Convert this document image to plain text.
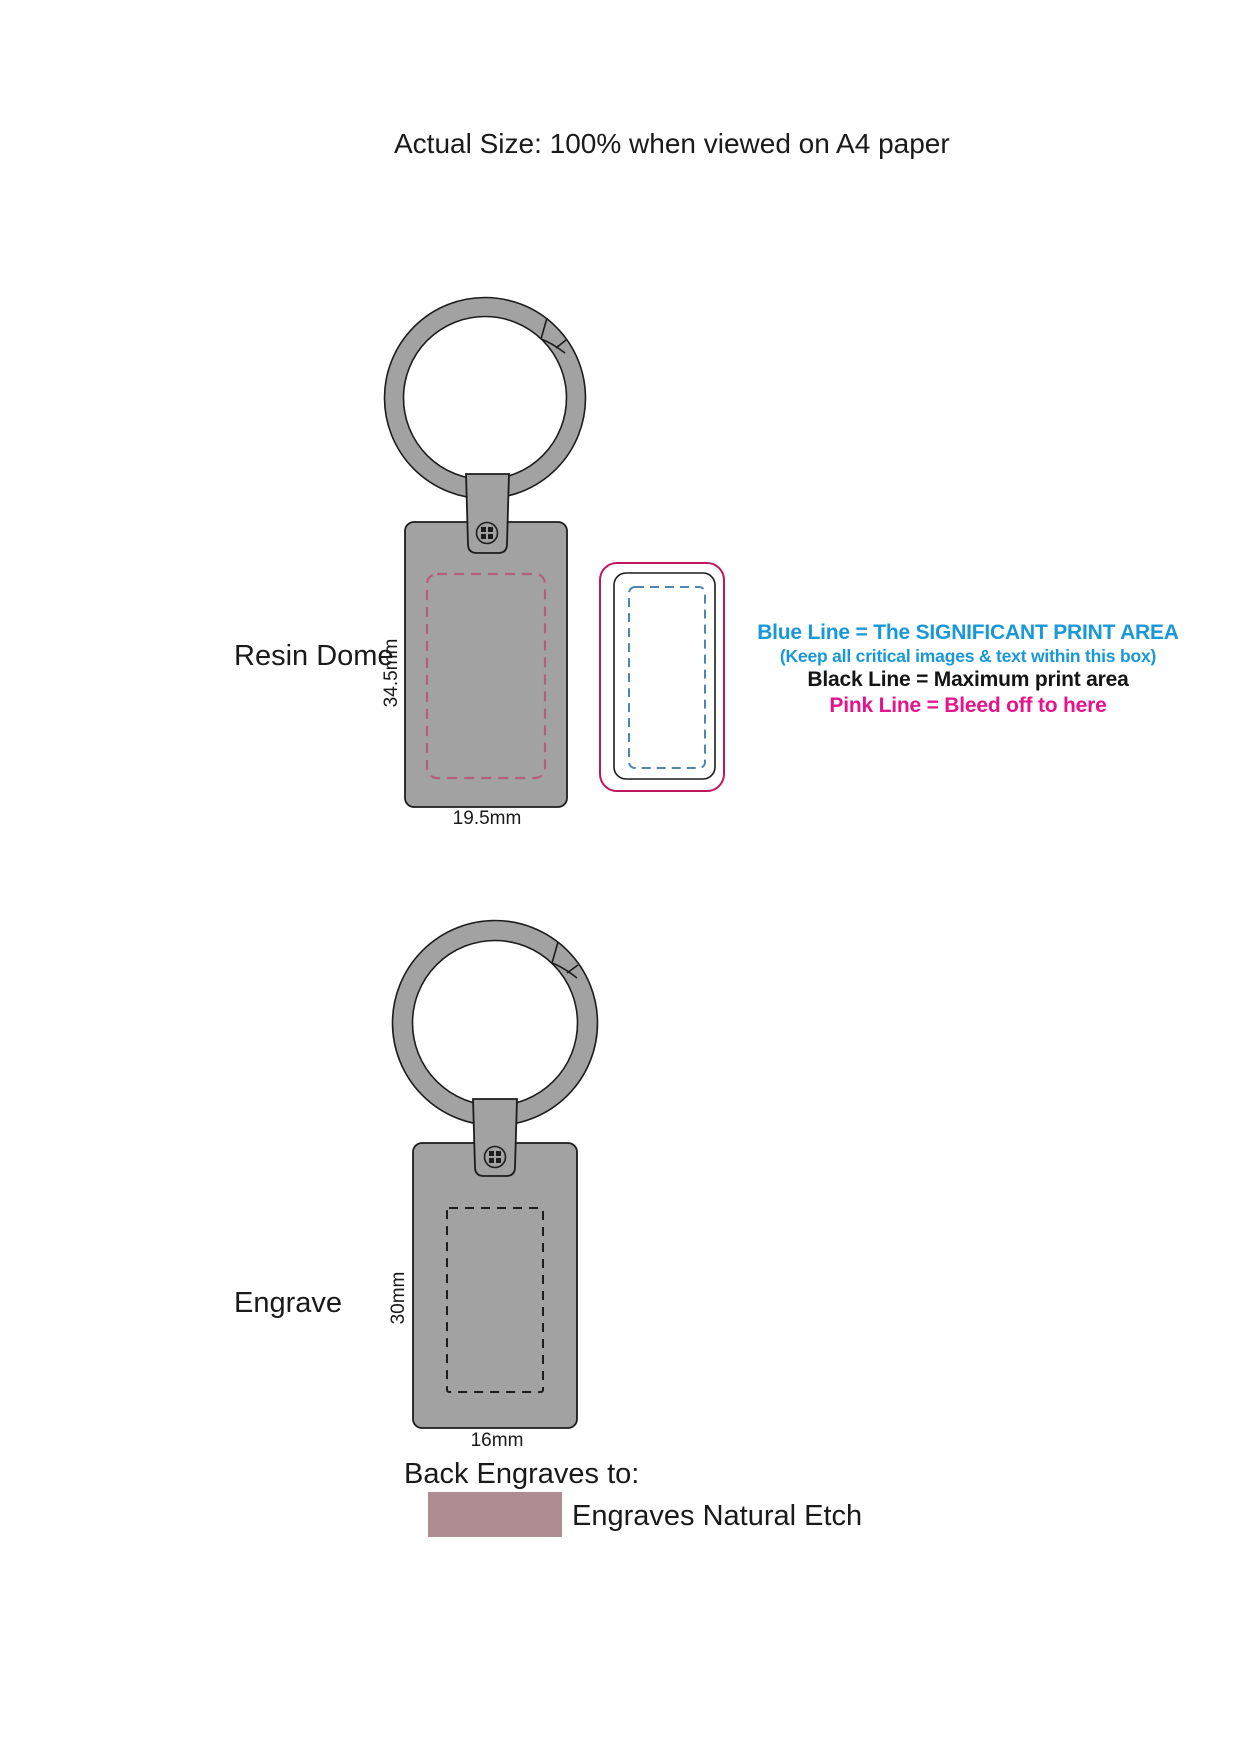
Actual Size: 100% when viewed on A4 paper
Resin Dome
34.5mm
19.5mm
Blue Line = The SIGNIFICANT PRINT AREA
(Keep all critical images & text within this box)
Black Line = Maximum print area
Pink Line = Bleed off to here
Engrave 30mm
16mm
Back Engraves to:
Engraves Natural Etch
